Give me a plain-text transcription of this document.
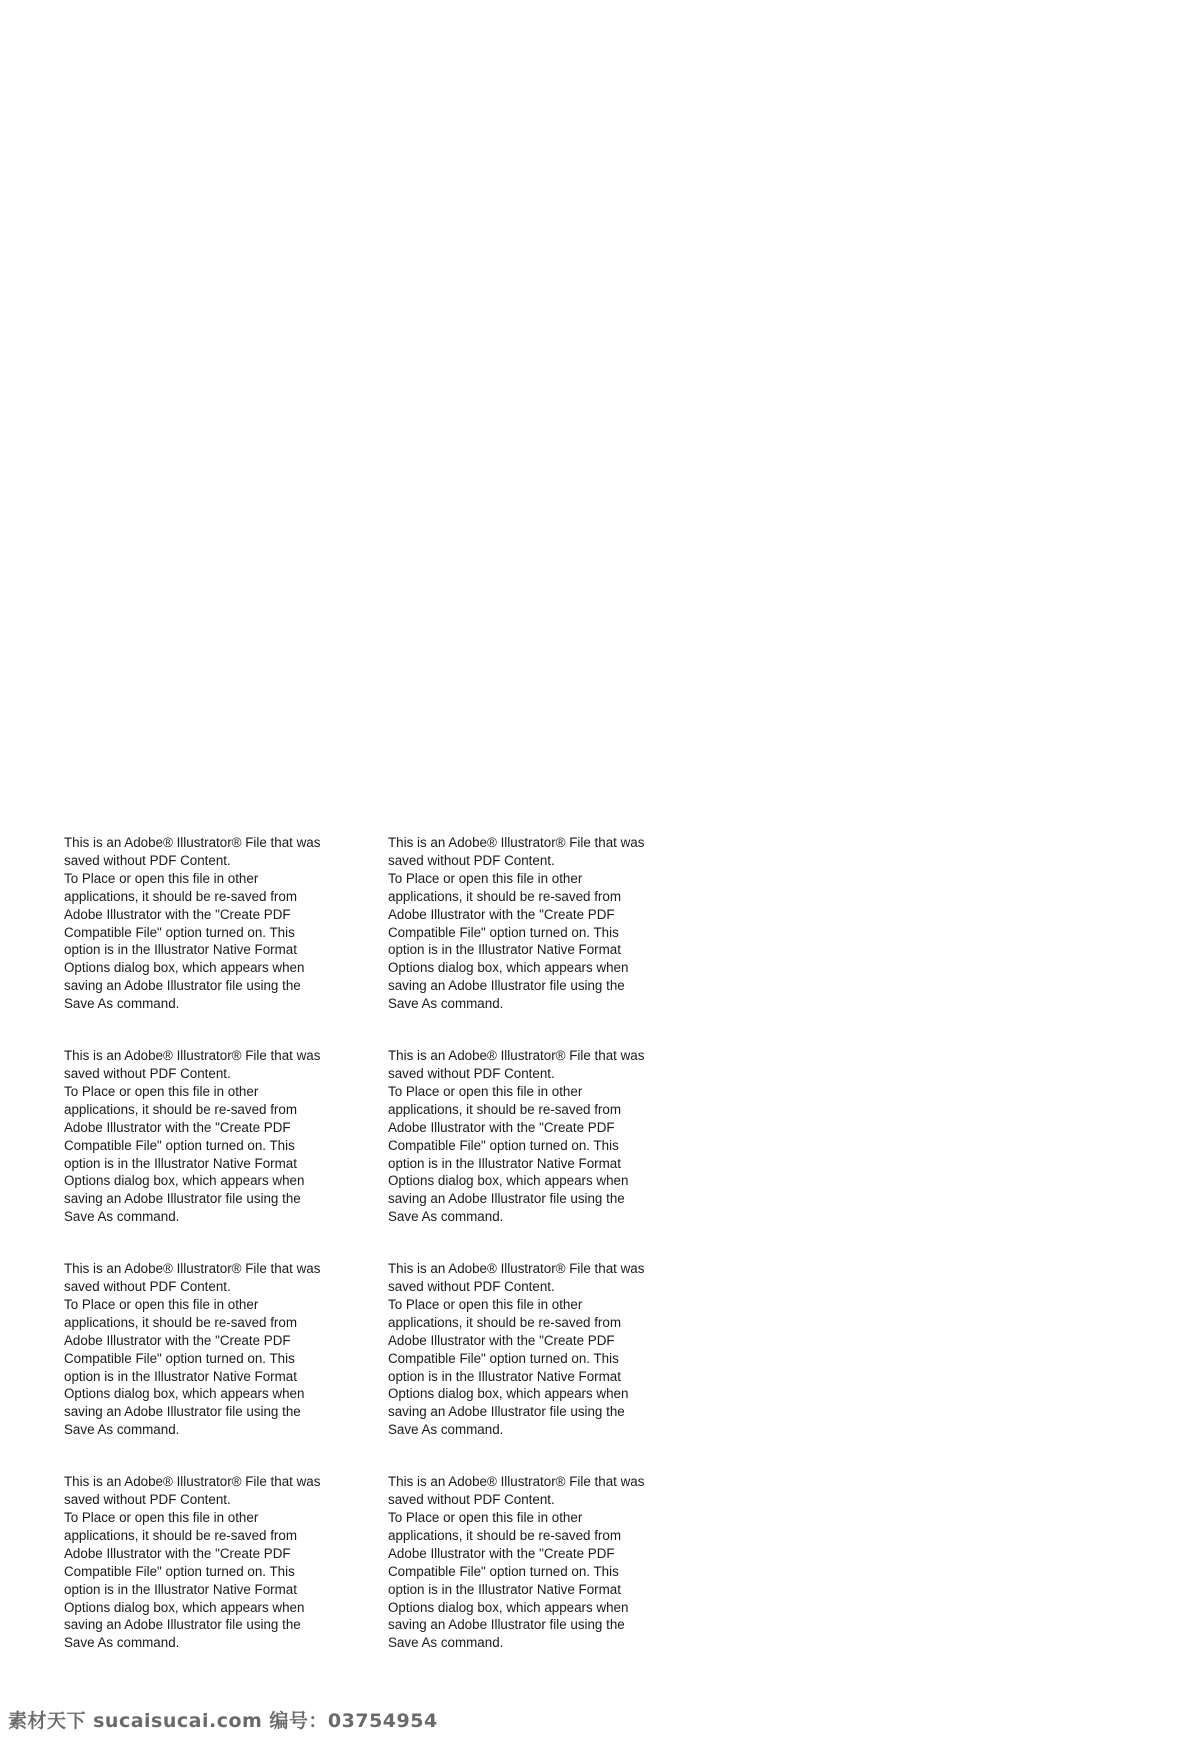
This is an Adobe® Illustrator® File that was
saved without PDF Content.
To Place or open this file in other
applications, it should be re-saved from
Adobe Illustrator with the "Create PDF
Compatible File" option turned on. This
option is in the Illustrator Native Format
Options dialog box, which appears when
saving an Adobe Illustrator file using the
Save As command.
This is an Adobe® Illustrator® File that was
saved without PDF Content.
To Place or open this file in other
applications, it should be re-saved from
Adobe Illustrator with the "Create PDF
Compatible File" option turned on. This
option is in the Illustrator Native Format
Options dialog box, which appears when
saving an Adobe Illustrator file using the
Save As command.
This is an Adobe® Illustrator® File that was
saved without PDF Content.
To Place or open this file in other
applications, it should be re-saved from
Adobe Illustrator with the "Create PDF
Compatible File" option turned on. This
option is in the Illustrator Native Format
Options dialog box, which appears when
saving an Adobe Illustrator file using the
Save As command.
This is an Adobe® Illustrator® File that was
saved without PDF Content.
To Place or open this file in other
applications, it should be re-saved from
Adobe Illustrator with the "Create PDF
Compatible File" option turned on. This
option is in the Illustrator Native Format
Options dialog box, which appears when
saving an Adobe Illustrator file using the
Save As command.
This is an Adobe® Illustrator® File that was
saved without PDF Content.
To Place or open this file in other
applications, it should be re-saved from
Adobe Illustrator with the "Create PDF
Compatible File" option turned on. This
option is in the Illustrator Native Format
Options dialog box, which appears when
saving an Adobe Illustrator file using the
Save As command.
This is an Adobe® Illustrator® File that was
saved without PDF Content.
To Place or open this file in other
applications, it should be re-saved from
Adobe Illustrator with the "Create PDF
Compatible File" option turned on. This
option is in the Illustrator Native Format
Options dialog box, which appears when
saving an Adobe Illustrator file using the
Save As command.
This is an Adobe® Illustrator® File that was
saved without PDF Content.
To Place or open this file in other
applications, it should be re-saved from
Adobe Illustrator with the "Create PDF
Compatible File" option turned on. This
option is in the Illustrator Native Format
Options dialog box, which appears when
saving an Adobe Illustrator file using the
Save As command.
This is an Adobe® Illustrator® File that was
saved without PDF Content.
To Place or open this file in other
applications, it should be re-saved from
Adobe Illustrator with the "Create PDF
Compatible File" option turned on. This
option is in the Illustrator Native Format
Options dialog box, which appears when
saving an Adobe Illustrator file using the
Save As command.
素材天下 sucaisucai.com 编号：03754954
